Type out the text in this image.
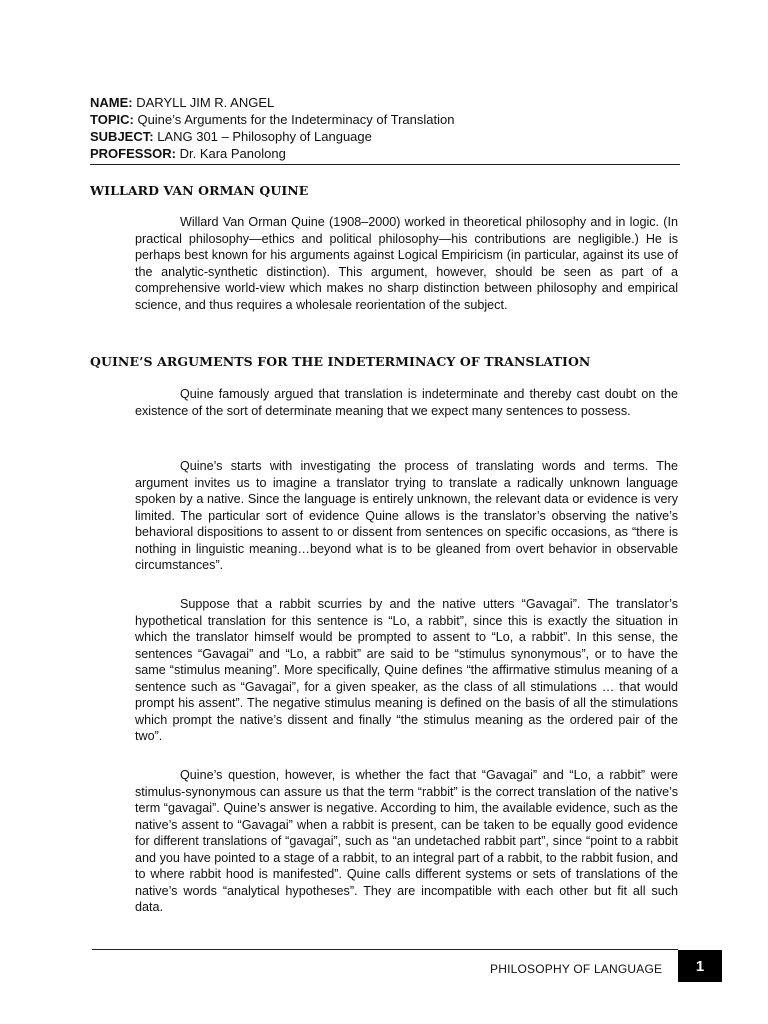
NAME: DARYLL JIM R. ANGEL
TOPIC: Quine’s Arguments for the Indeterminacy of Translation
SUBJECT: LANG 301 – Philosophy of Language
PROFESSOR: Dr. Kara Panolong
WILLARD VAN ORMAN QUINE

Willard Van Orman Quine (1908–2000) worked in theoretical philosophy and in logic. (In practical philosophy—ethics and political philosophy—his contributions are negligible.) He is perhaps best known for his arguments against Logical Empiricism (in particular, against its use of the analytic-synthetic distinction). This argument, however, should be seen as part of a comprehensive world-view which makes no sharp distinction between philosophy and empirical science, and thus requires a wholesale reorientation of the subject.

QUINE’S ARGUMENTS FOR THE INDETERMINACY OF TRANSLATION

Quine famously argued that translation is indeterminate and thereby cast doubt on the existence of the sort of determinate meaning that we expect many sentences to possess.

Quine’s starts with investigating the process of translating words and terms. The argument invites us to imagine a translator trying to translate a radically unknown language spoken by a native. Since the language is entirely unknown, the relevant data or evidence is very limited. The particular sort of evidence Quine allows is the translator’s observing the native’s behavioral dispositions to assent to or dissent from sentences on specific occasions, as “there is nothing in linguistic meaning…beyond what is to be gleaned from overt behavior in observable circumstances”.

Suppose that a rabbit scurries by and the native utters “Gavagai”. The translator’s hypothetical translation for this sentence is “Lo, a rabbit”, since this is exactly the situation in which the translator himself would be prompted to assent to “Lo, a rabbit”. In this sense, the sentences “Gavagai” and “Lo, a rabbit” are said to be “stimulus synonymous”, or to have the same “stimulus meaning”. More specifically, Quine defines “the affirmative stimulus meaning of a sentence such as “Gavagai”, for a given speaker, as the class of all stimulations … that would prompt his assent”. The negative stimulus meaning is defined on the basis of all the stimulations which prompt the native’s dissent and finally “the stimulus meaning as the ordered pair of the two”.

Quine’s question, however, is whether the fact that “Gavagai” and “Lo, a rabbit” were stimulus-synonymous can assure us that the term “rabbit” is the correct translation of the native’s term “gavagai”. Quine’s answer is negative. According to him, the available evidence, such as the native’s assent to “Gavagai” when a rabbit is present, can be taken to be equally good evidence for different translations of “gavagai”, such as “an undetached rabbit part”, since “point to a rabbit and you have pointed to a stage of a rabbit, to an integral part of a rabbit, to the rabbit fusion, and to where rabbit hood is manifested”. Quine calls different systems or sets of translations of the native’s words “analytical hypotheses”. They are incompatible with each other but fit all such data.

PHILOSOPHY OF LANGUAGE	1
